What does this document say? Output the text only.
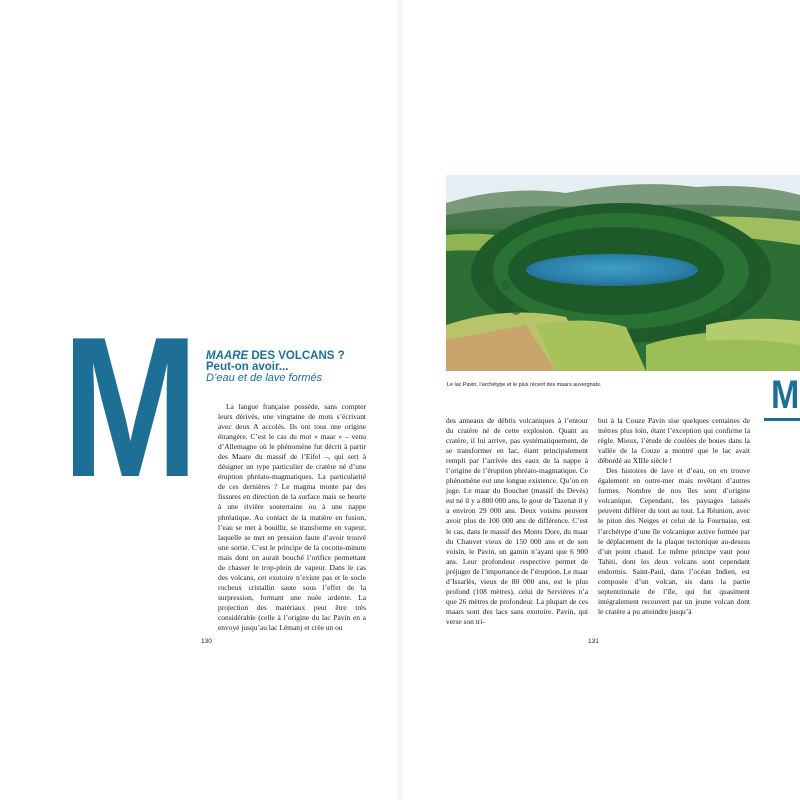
M MAARE DES VOLCANS ?
Peut-on avoir...
D’eau et de lave formés

La langue française possède, sans compter leurs dérivés, une vingtaine de mots s’écrivant avec deux A accolés. Ils ont tous une origine étrangère. C’est le cas du mot « maar » – venu d’Allemagne où le phénomène fut décrit à partir des Maare du massif de l’Eifel –, qui sert à désigner un type particulier de cratère né d’une éruption phréato-magmatiques. La particularité de ces dernières ? Le magma monte par des fissures en direction de la surface mais se heurte à une rivière souterraine ou à une nappe phréatique. Au contact de la matière en fusion, l’eau se met à bouillir, se transforme en vapeur, laquelle se met en pression faute d’avoir trouvé une sortie. C’est le principe de la cocotte-minute mais dont on aurait bouché l’orifice permettant de chasser le trop-plein de vapeur. Dans le cas des volcans, cet exutoire n’existe pas et le socle rocheux cristallin saute sous l’effet de la surpression, formant une nuée ardente. La projection des matériaux peut être très considérable (celle à l’origine du lac Pavin en a envoyé jusqu’au lac Léman) et crée un ou

130
Le lac Pavin, l’archétype et le plus récent des maars auvergnats.	M

des anneaux de débris volcaniques à l’entour du cratère né de cette explosion. Quant au cratère, il lui arrive, pas systématiquement, de se transformer en lac, étant principalement rempli par l’arrivée des eaux de la nappe à l’origine de l’éruption phréato-magmatique. Ce phénomène eut une longue existence. Qu’on en juge. Le maar du Bouchet (massif du Devès) est né il y a 800 000 ans, le gour de Tazenat il y a environ 29 000 ans. Deux voisins peuvent avoir plus de 100 000 ans de différence. C’est le cas, dans le massif des Monts Dore, du maar du Chauvet vieux de 150 000 ans et de son voisin, le Pavin, un gamin n’ayant que 6 900 ans. Leur profondeur respective permet de préjuger de l’importance de l’éruption. Le maar d’Issarlès, vieux de 80 000 ans, est le plus profond (108 mètres), celui de Servières n’a que 26 mètres de profondeur. La plupart de ces maars sont des lacs sans exutoire. Pavin, qui verse son tri-

but à la Couze Pavin sise quelques centaines de mètres plus loin, étant l’exception qui confirme la règle. Mieux, l’étude de coulées de boues dans la vallée de la Couze a montré que le lac avait débordé au XIIIe siècle !

Des histoires de lave et d’eau, on en trouve également en outre-mer mais revêtant d’autres formes. Nombre de nos îles sont d’origine volcanique. Cependant, les paysages laissés peuvent différer du tout au tout. La Réunion, avec le piton des Neiges et celui de la Fournaise, est l’archétype d’une île volcanique active formée par le déplacement de la plaque tectonique au-dessus d’un point chaud. Le même principe vaut pour Tahiti, dont les deux volcans sont cependant endormis. Saint-Paul, dans l’océan Indien, est composée d’un volcan, sis dans la partie septentrionale de l’île, qui fut quasiment intégralement recouvert par un jeune volcan dont le cratère a pu atteindre jusqu’à

131
